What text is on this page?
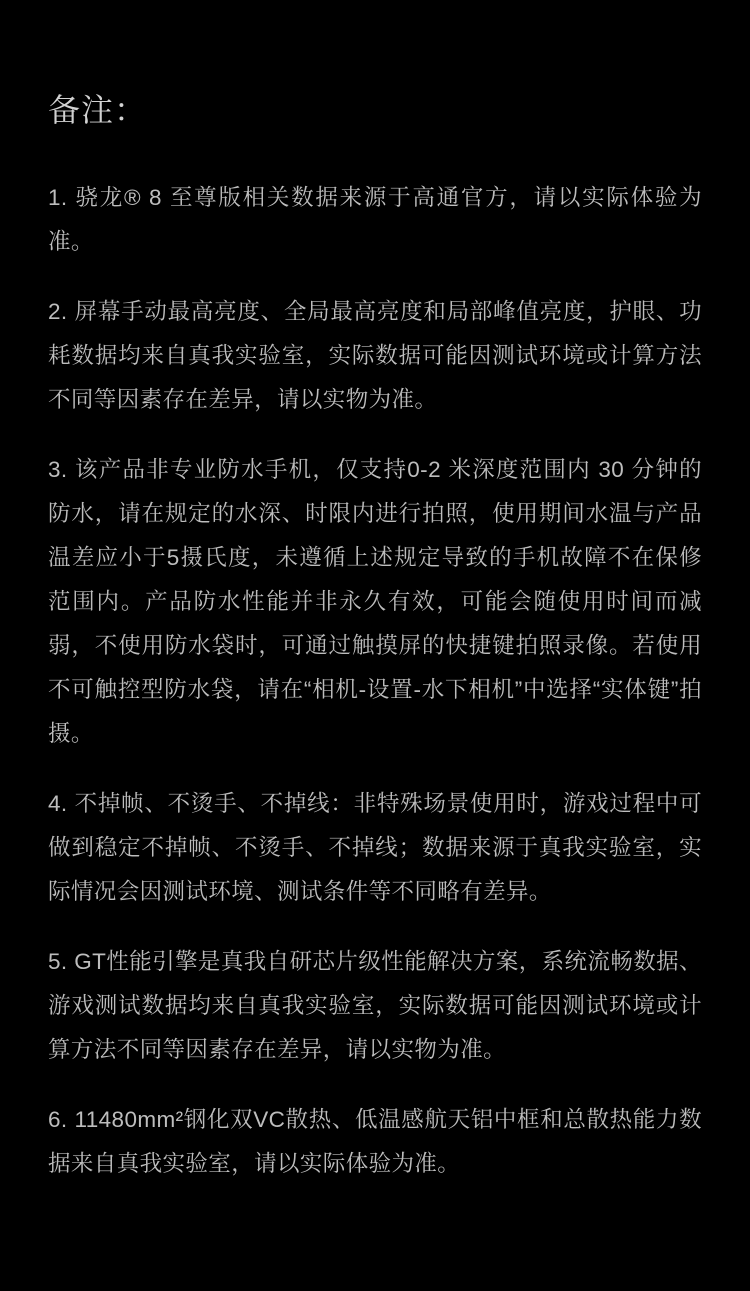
备注：
1. 骁龙® 8 至尊版相关数据来源于高通官方，请以实际体验为准。
2. 屏幕手动最高亮度、全局最高亮度和局部峰值亮度，护眼、功耗数据均来自真我实验室，实际数据可能因测试环境或计算方法不同等因素存在差异，请以实物为准。
3. 该产品非专业防水手机，仅支持0-2 米深度范围内 30 分钟的防水，请在规定的水深、时限内进行拍照，使用期间水温与产品温差应小于5摄氏度，未遵循上述规定导致的手机故障不在保修范围内。产品防水性能并非永久有效，可能会随使用时间而减弱，不使用防水袋时，可通过触摸屏的快捷键拍照录像。若使用不可触控型防水袋，请在“相机-设置-水下相机”中选择“实体键”拍摄。
4. 不掉帧、不烫手、不掉线：非特殊场景使用时，游戏过程中可做到稳定不掉帧、不烫手、不掉线；数据来源于真我实验室，实际情况会因测试环境、测试条件等不同略有差异。
5. GT性能引擎是真我自研芯片级性能解决方案，系统流畅数据、游戏测试数据均来自真我实验室，实际数据可能因测试环境或计算方法不同等因素存在差异，请以实物为准。
6. 11480mm²钢化双VC散热、低温感航天铝中框和总散热能力数据来自真我实验室，请以实际体验为准。
